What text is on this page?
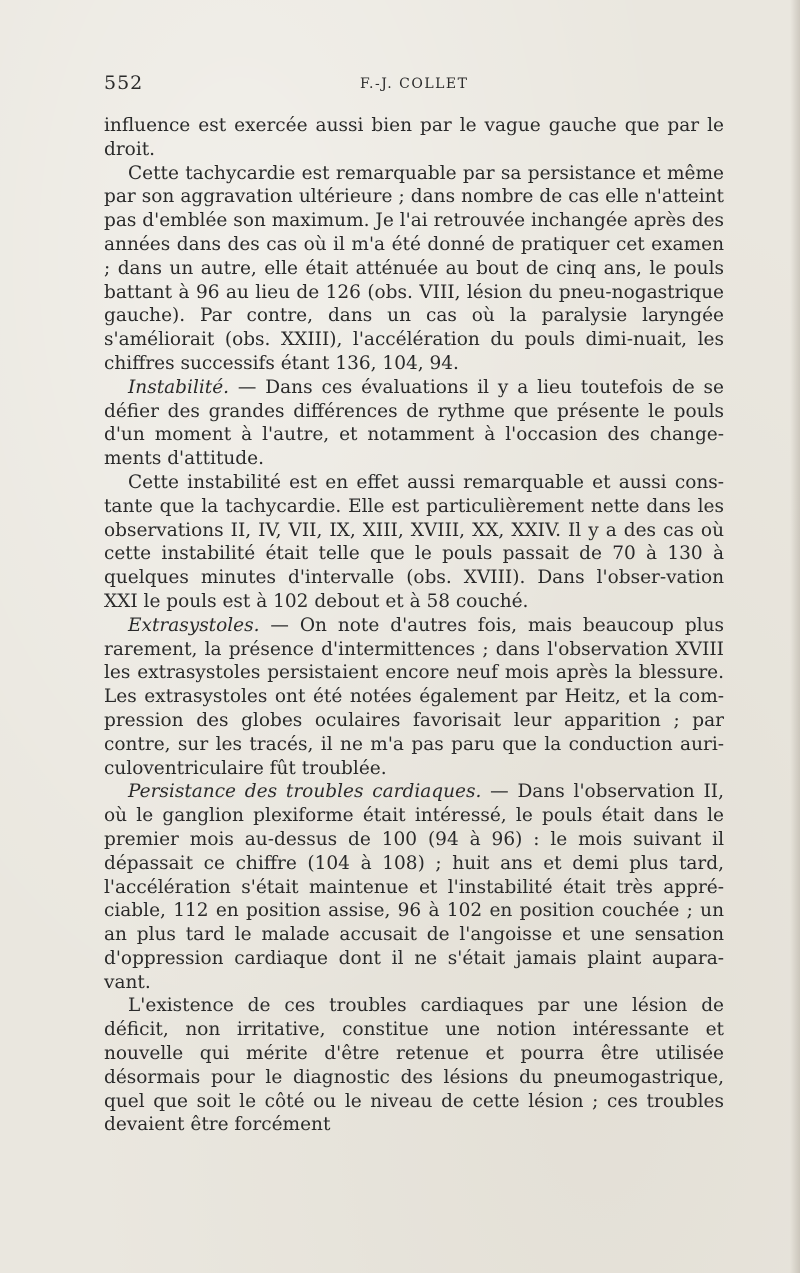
552	F.-J. COLLET

influence est exercée aussi bien par le vague gauche que par le droit.

Cette tachycardie est remarquable par sa persistance et même par son aggravation ultérieure ; dans nombre de cas elle n'atteint pas d'emblée son maximum. Je l'ai retrouvée inchangée après des années dans des cas où il m'a été donné de pratiquer cet examen ; dans un autre, elle était atténuée au bout de cinq ans, le pouls battant à 96 au lieu de 126 (obs. VIII, lésion du pneu-nogastrique gauche). Par contre, dans un cas où la paralysie laryngée s'améliorait (obs. XXIII), l'accélération du pouls dimi-nuait, les chiffres successifs étant 136, 104, 94.

Instabilité. — Dans ces évaluations il y a lieu toutefois de se défier des grandes différences de rythme que présente le pouls d'un moment à l'autre, et notamment à l'occasion des change-ments d'attitude.

Cette instabilité est en effet aussi remarquable et aussi cons-tante que la tachycardie. Elle est particulièrement nette dans les observations II, IV, VII, IX, XIII, XVIII, XX, XXIV. Il y a des cas où cette instabilité était telle que le pouls passait de 70 à 130 à quelques minutes d'intervalle (obs. XVIII). Dans l'obser-vation XXI le pouls est à 102 debout et à 58 couché.

Extrasystoles. — On note d'autres fois, mais beaucoup plus rarement, la présence d'intermittences ; dans l'observation XVIII les extrasystoles persistaient encore neuf mois après la blessure. Les extrasystoles ont été notées également par Heitz, et la com-pression des globes oculaires favorisait leur apparition ; par contre, sur les tracés, il ne m'a pas paru que la conduction auri-culoventriculaire fût troublée.

Persistance des troubles cardiaques. — Dans l'observation II, où le ganglion plexiforme était intéressé, le pouls était dans le premier mois au-dessus de 100 (94 à 96) : le mois suivant il dépassait ce chiffre (104 à 108) ; huit ans et demi plus tard, l'accélération s'était maintenue et l'instabilité était très appré-ciable, 112 en position assise, 96 à 102 en position couchée ; un an plus tard le malade accusait de l'angoisse et une sensation d'oppression cardiaque dont il ne s'était jamais plaint aupara-vant.

L'existence de ces troubles cardiaques par une lésion de déficit, non irritative, constitue une notion intéressante et nouvelle qui mérite d'être retenue et pourra être utilisée désormais pour le diagnostic des lésions du pneumogastrique, quel que soit le côté ou le niveau de cette lésion ; ces troubles devaient être forcément
